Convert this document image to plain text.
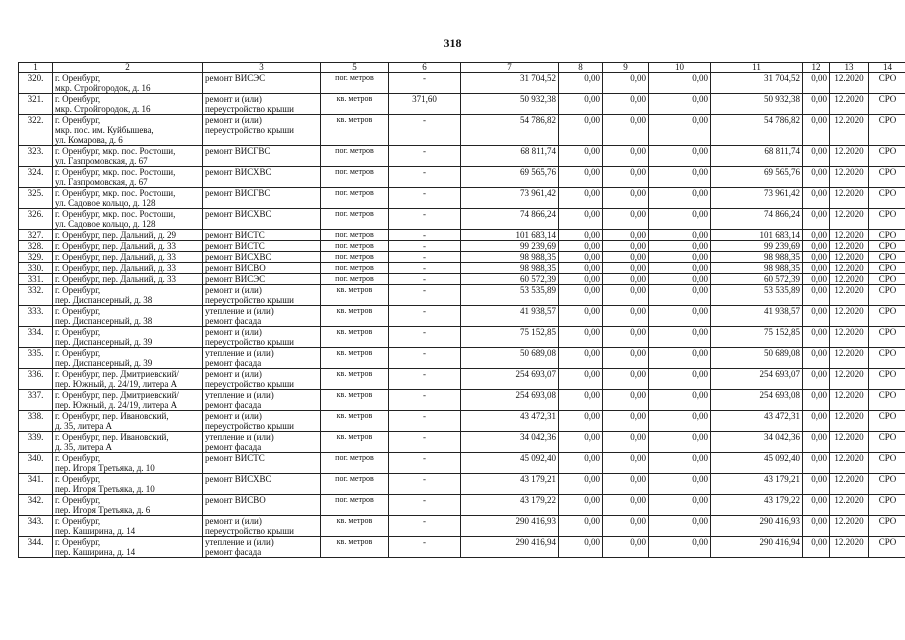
318
1	2	3	5	6	7	8	9	10	11	12	13	14
320.	г. Оренбург,
мкр. Стройгородок, д. 16	ремонт ВИСЭС	пог. метров	-	31 704,52	0,00	0,00	0,00	31 704,52	0,00	12.2020	СРО
321.	г. Оренбург,
мкр. Стройгородок, д. 16	ремонт и (или)
переустройство крыши	кв. метров	371,60	50 932,38	0,00	0,00	0,00	50 932,38	0,00	12.2020	СРО
322.	г. Оренбург,
мкр. пос. им. Куйбышева,
ул. Комарова, д. 6	ремонт и (или)
переустройство крыши	кв. метров	-	54 786,82	0,00	0,00	0,00	54 786,82	0,00	12.2020	СРО
323.	г. Оренбург, мкр. пос. Ростоши,
ул. Газпромовская, д. 67	ремонт ВИСГВС	пог. метров	-	68 811,74	0,00	0,00	0,00	68 811,74	0,00	12.2020	СРО
324.	г. Оренбург, мкр. пос. Ростоши,
ул. Газпромовская, д. 67	ремонт ВИСХВС	пог. метров	-	69 565,76	0,00	0,00	0,00	69 565,76	0,00	12.2020	СРО
325.	г. Оренбург, мкр. пос. Ростоши,
ул. Садовое кольцо, д. 128	ремонт ВИСГВС	пог. метров	-	73 961,42	0,00	0,00	0,00	73 961,42	0,00	12.2020	СРО
326.	г. Оренбург, мкр. пос. Ростоши,
ул. Садовое кольцо, д. 128	ремонт ВИСХВС	пог. метров	-	74 866,24	0,00	0,00	0,00	74 866,24	0,00	12.2020	СРО
327.	г. Оренбург, пер. Дальний, д. 29	ремонт ВИСТС	пог. метров	-	101 683,14	0,00	0,00	0,00	101 683,14	0,00	12.2020	СРО
328.	г. Оренбург, пер. Дальний, д. 33	ремонт ВИСТС	пог. метров	-	99 239,69	0,00	0,00	0,00	99 239,69	0,00	12.2020	СРО
329.	г. Оренбург, пер. Дальний, д. 33	ремонт ВИСХВС	пог. метров	-	98 988,35	0,00	0,00	0,00	98 988,35	0,00	12.2020	СРО
330.	г. Оренбург, пер. Дальний, д. 33	ремонт ВИСВО	пог. метров	-	98 988,35	0,00	0,00	0,00	98 988,35	0,00	12.2020	СРО
331.	г. Оренбург, пер. Дальний, д. 33	ремонт ВИСЭС	пог. метров	-	60 572,39	0,00	0,00	0,00	60 572,39	0,00	12.2020	СРО
332.	г. Оренбург,
пер. Диспансерный, д. 38	ремонт и (или)
переустройство крыши	кв. метров	-	53 535,89	0,00	0,00	0,00	53 535,89	0,00	12.2020	СРО
333.	г. Оренбург,
пер. Диспансерный, д. 38	утепление и (или)
ремонт фасада	кв. метров	-	41 938,57	0,00	0,00	0,00	41 938,57	0,00	12.2020	СРО
334.	г. Оренбург,
пер. Диспансерный, д. 39	ремонт и (или)
переустройство крыши	кв. метров	-	75 152,85	0,00	0,00	0,00	75 152,85	0,00	12.2020	СРО
335.	г. Оренбург,
пер. Диспансерный, д. 39	утепление и (или)
ремонт фасада	кв. метров	-	50 689,08	0,00	0,00	0,00	50 689,08	0,00	12.2020	СРО
336.	г. Оренбург, пер. Дмитриевский/
пер. Южный, д. 24/19, литера А	ремонт и (или)
переустройство крыши	кв. метров	-	254 693,07	0,00	0,00	0,00	254 693,07	0,00	12.2020	СРО
337.	г. Оренбург, пер. Дмитриевский/
пер. Южный, д. 24/19, литера А	утепление и (или)
ремонт фасада	кв. метров	-	254 693,08	0,00	0,00	0,00	254 693,08	0,00	12.2020	СРО
338.	г. Оренбург, пер. Ивановский,
д. 35, литера А	ремонт и (или)
переустройство крыши	кв. метров	-	43 472,31	0,00	0,00	0,00	43 472,31	0,00	12.2020	СРО
339.	г. Оренбург, пер. Ивановский,
д. 35, литера А	утепление и (или)
ремонт фасада	кв. метров	-	34 042,36	0,00	0,00	0,00	34 042,36	0,00	12.2020	СРО
340.	г. Оренбург,
пер. Игоря Третьяка, д. 10	ремонт ВИСТС	пог. метров	-	45 092,40	0,00	0,00	0,00	45 092,40	0,00	12.2020	СРО
341.	г. Оренбург,
пер. Игоря Третьяка, д. 10	ремонт ВИСХВС	пог. метров	-	43 179,21	0,00	0,00	0,00	43 179,21	0,00	12.2020	СРО
342.	г. Оренбург,
пер. Игоря Третьяка, д. 6	ремонт ВИСВО	пог. метров	-	43 179,22	0,00	0,00	0,00	43 179,22	0,00	12.2020	СРО
343.	г. Оренбург,
пер. Каширина, д. 14	ремонт и (или)
переустройство крыши	кв. метров	-	290 416,93	0,00	0,00	0,00	290 416,93	0,00	12.2020	СРО
344.	г. Оренбург,
пер. Каширина, д. 14	утепление и (или)
ремонт фасада	кв. метров	-	290 416,94	0,00	0,00	0,00	290 416,94	0,00	12.2020	СРО
